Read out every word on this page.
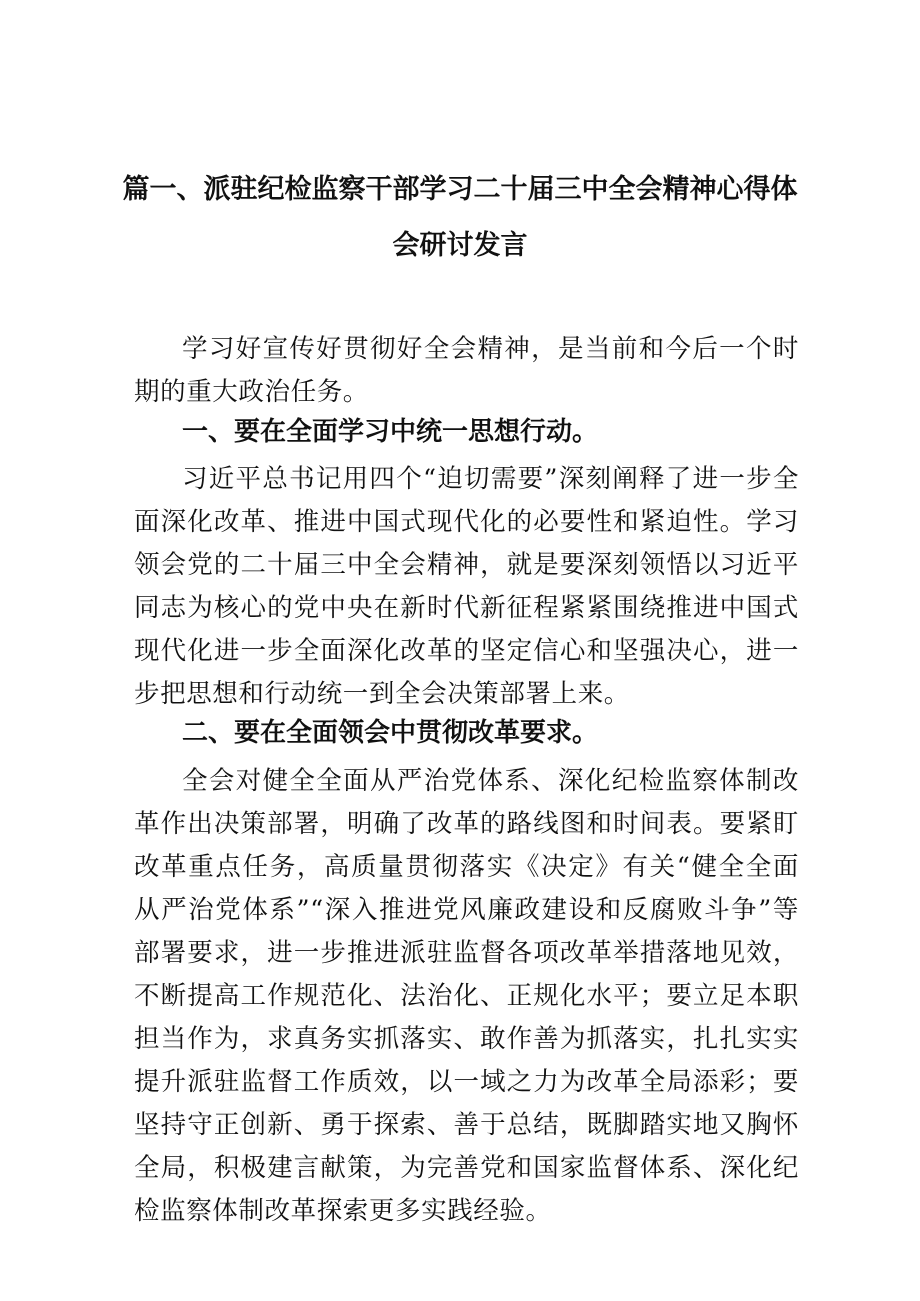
篇一、派驻纪检监察干部学习二十届三中全会精神心得体
会研讨发言
学习好宣传好贯彻好全会精神，是当前和今后一个时期的重大政治任务。
一、要在全面学习中统一思想行动。
习近平总书记用四个“迫切需要”深刻阐释了进一步全面深化改革、推进中国式现代化的必要性和紧迫性。学习领会党的二十届三中全会精神，就是要深刻领悟以习近平同志为核心的党中央在新时代新征程紧紧围绕推进中国式现代化进一步全面深化改革的坚定信心和坚强决心，进一步把思想和行动统一到全会决策部署上来。
二、要在全面领会中贯彻改革要求。
全会对健全全面从严治党体系、深化纪检监察体制改革作出决策部署，明确了改革的路线图和时间表。要紧盯改革重点任务，高质量贯彻落实《决定》有关“健全全面从严治党体系”“深入推进党风廉政建设和反腐败斗争”等部署要求，进一步推进派驻监督各项改革举措落地见效，不断提高工作规范化、法治化、正规化水平；要立足本职担当作为，求真务实抓落实、敢作善为抓落实，扎扎实实提升派驻监督工作质效，以一域之力为改革全局添彩；要坚持守正创新、勇于探索、善于总结，既脚踏实地又胸怀全局，积极建言献策，为完善党和国家监督体系、深化纪检监察体制改革探索更多实践经验。
